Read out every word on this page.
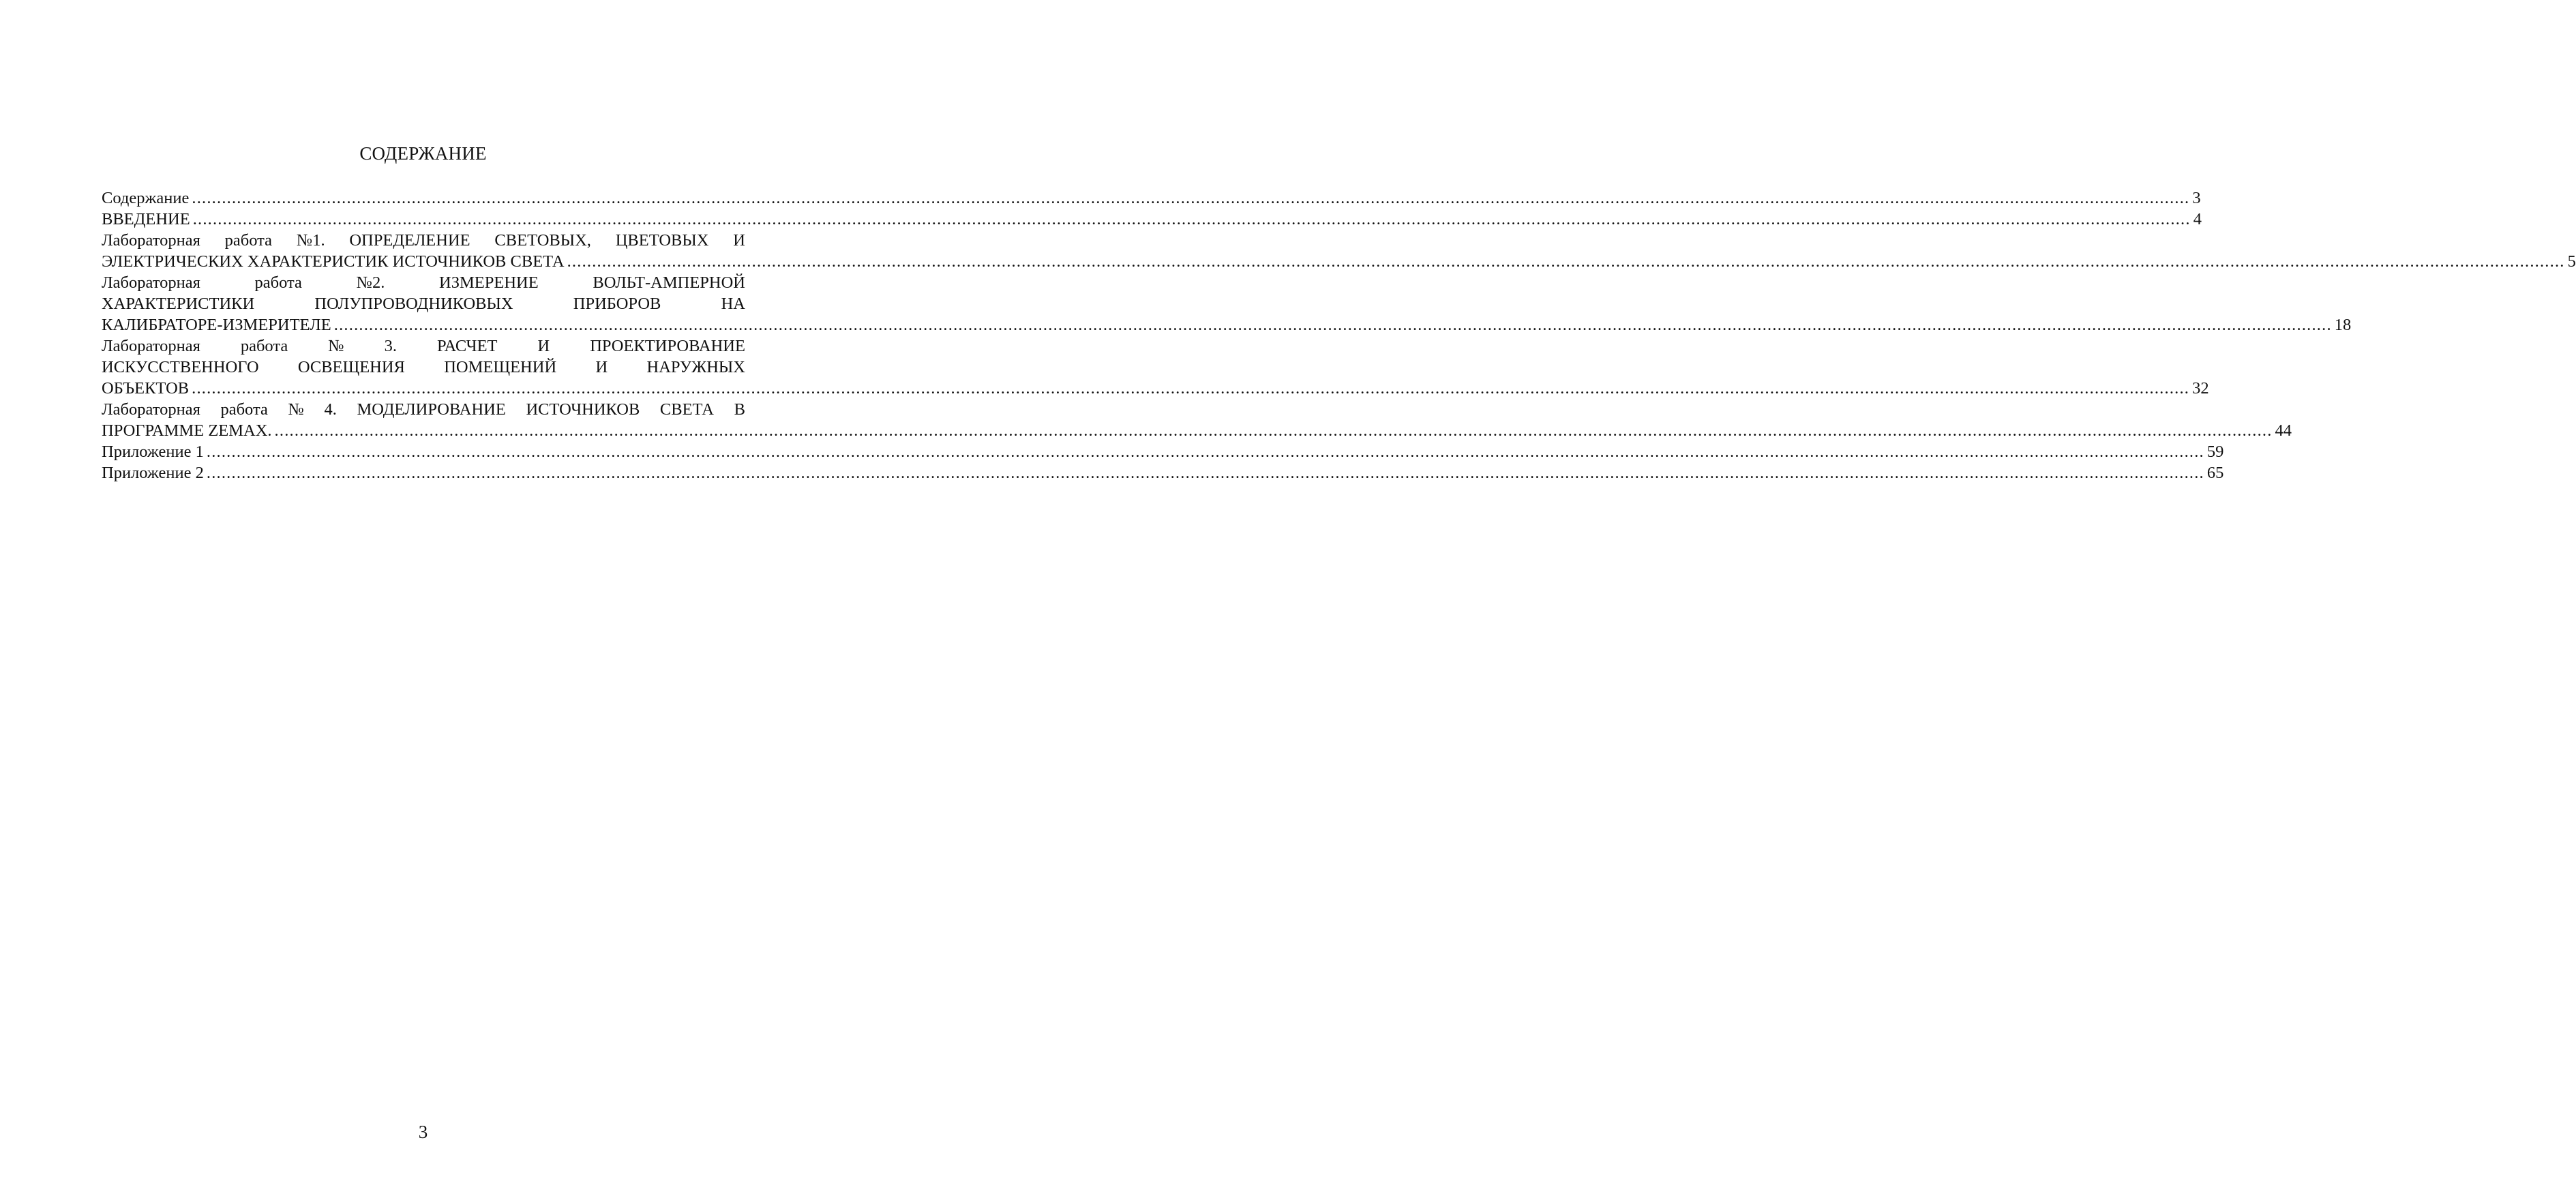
СОДЕРЖАНИЕ
Содержание ................................................................................................................................................................................................................................................................................................................................................................................................................ 3
ВВЕДЕНИЕ ................................................................................................................................................................................................................................................................................................................................................................................................................ 4
Лабораторная работа №1. ОПРЕДЕЛЕНИЕ СВЕТОВЫХ, ЦВЕТОВЫХ И
ЭЛЕКТРИЧЕСКИХ ХАРАКТЕРИСТИК ИСТОЧНИКОВ СВЕТА ................................................................................................................................................................................................................................................................................................................................................................................................................ 5
Лабораторная	работа	№2.	ИЗМЕРЕНИЕ	ВОЛЬТ-АМПЕРНОЙ
ХАРАКТЕРИСТИКИ	ПОЛУПРОВОДНИКОВЫХ	ПРИБОРОВ	НА
КАЛИБРАТОРЕ-ИЗМЕРИТЕЛЕ ................................................................................................................................................................................................................................................................................................................................................................................................................ 18
Лабораторная работа № 3. РАСЧЕТ И ПРОЕКТИРОВАНИЕ
ИСКУССТВЕННОГО ОСВЕЩЕНИЯ ПОМЕЩЕНИЙ И НАРУЖНЫХ
ОБЪЕКТОВ ................................................................................................................................................................................................................................................................................................................................................................................................................ 32
Лабораторная работа № 4. МОДЕЛИРОВАНИЕ ИСТОЧНИКОВ СВЕТА В
ПРОГРАММЕ ZEMAX. ................................................................................................................................................................................................................................................................................................................................................................................................................ 44
Приложение 1 ................................................................................................................................................................................................................................................................................................................................................................................................................ 59
Приложение 2 ................................................................................................................................................................................................................................................................................................................................................................................................................ 65
3
